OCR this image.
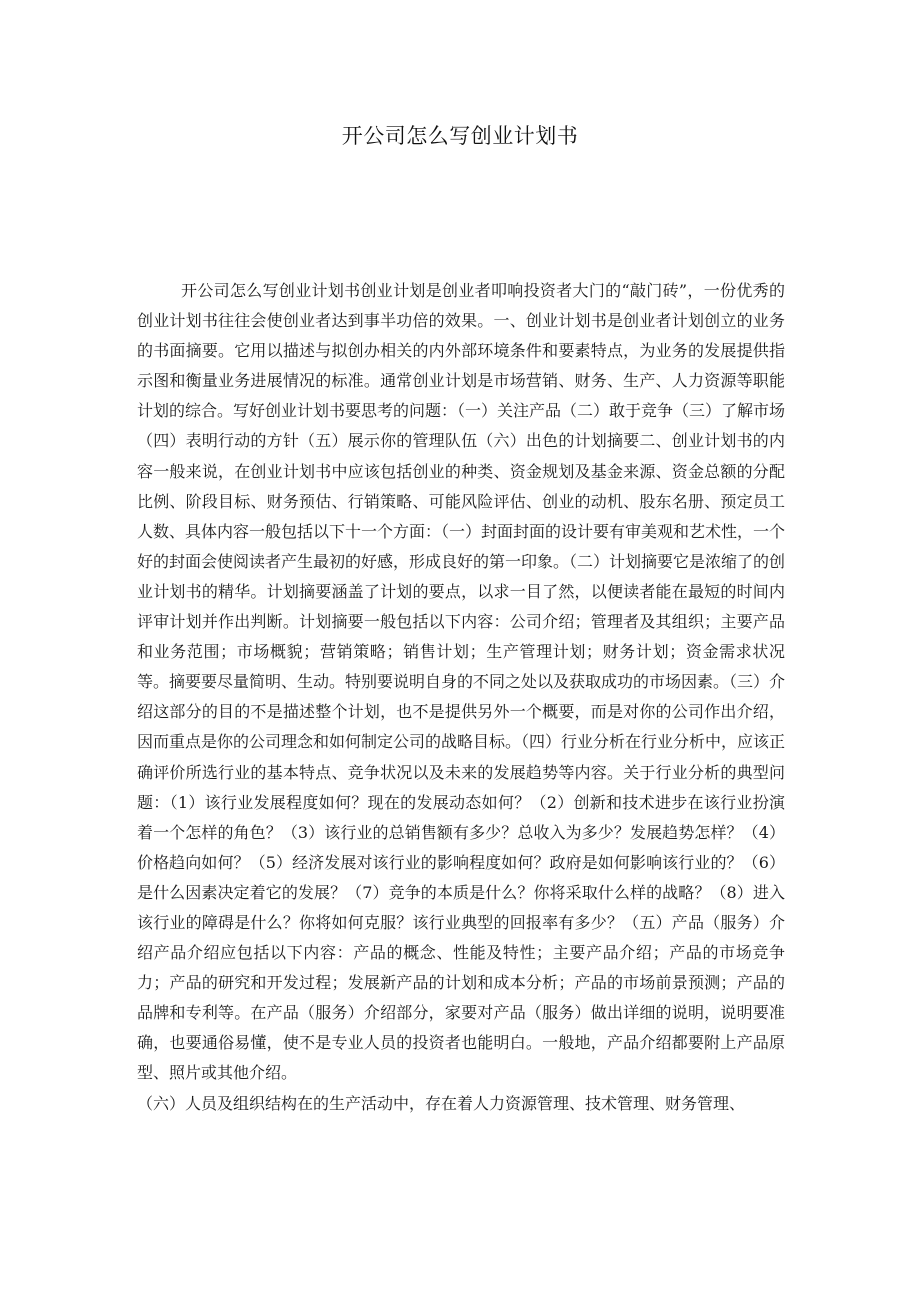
开公司怎么写创业计划书

开公司怎么写创业计划书创业计划是创业者叩响投资者大门的“敲门砖”，一份优秀的创业计划书往往会使创业者达到事半功倍的效果。一、创业计划书是创业者计划创立的业务的书面摘要。它用以描述与拟创办相关的内外部环境条件和要素特点，为业务的发展提供指示图和衡量业务进展情况的标准。通常创业计划是市场营销、财务、生产、人力资源等职能计划的综合。写好创业计划书要思考的问题：（一）关注产品（二）敢于竞争（三）了解市场（四）表明行动的方针（五）展示你的管理队伍（六）出色的计划摘要二、创业计划书的内容一般来说，在创业计划书中应该包括创业的种类、资金规划及基金来源、资金总额的分配比例、阶段目标、财务预估、行销策略、可能风险评估、创业的动机、股东名册、预定员工人数、具体内容一般包括以下十一个方面：（一）封面封面的设计要有审美观和艺术性，一个好的封面会使阅读者产生最初的好感，形成良好的第一印象。（二）计划摘要它是浓缩了的创业计划书的精华。计划摘要涵盖了计划的要点，以求一目了然，以便读者能在最短的时间内评审计划并作出判断。计划摘要一般包括以下内容：公司介绍；管理者及其组织；主要产品和业务范围；市场概貌；营销策略；销售计划；生产管理计划；财务计划；资金需求状况等。摘要要尽量简明、生动。特别要说明自身的不同之处以及获取成功的市场因素。（三）介绍这部分的目的不是描述整个计划，也不是提供另外一个概要，而是对你的公司作出介绍，因而重点是你的公司理念和如何制定公司的战略目标。（四）行业分析在行业分析中，应该正确评价所选行业的基本特点、竞争状况以及未来的发展趋势等内容。关于行业分析的典型问题：（1）该行业发展程度如何？现在的发展动态如何？（2）创新和技术进步在该行业扮演着一个怎样的角色？（3）该行业的总销售额有多少？总收入为多少？发展趋势怎样？（4）价格趋向如何？（5）经济发展对该行业的影响程度如何？政府是如何影响该行业的？（6）是什么因素决定着它的发展？（7）竞争的本质是什么？你将采取什么样的战略？（8）进入该行业的障碍是什么？你将如何克服？该行业典型的回报率有多少？（五）产品（服务）介绍产品介绍应包括以下内容：产品的概念、性能及特性；主要产品介绍；产品的市场竞争力；产品的研究和开发过程；发展新产品的计划和成本分析；产品的市场前景预测；产品的品牌和专利等。在产品（服务）介绍部分，家要对产品（服务）做出详细的说明，说明要准确，也要通俗易懂，使不是专业人员的投资者也能明白。一般地，产品介绍都要附上产品原型、照片或其他介绍。

（六）人员及组织结构在的生产活动中，存在着人力资源管理、技术管理、财务管理、
